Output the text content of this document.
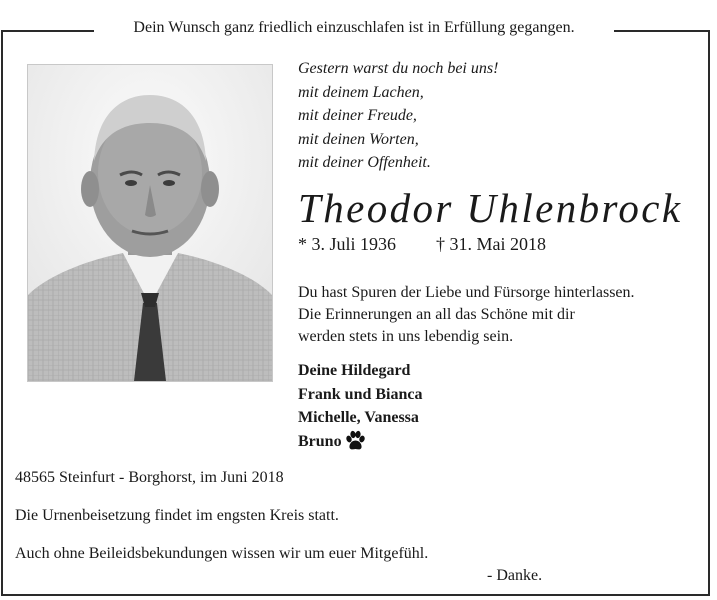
Dein Wunsch ganz friedlich einzuschlafen ist in Erfüllung gegangen.
Gestern warst du noch bei uns!
mit deinem Lachen,
mit deiner Freude,
mit deinen Worten,
mit deiner Offenheit.
Theodor Uhlenbrock
* 3. Juli 1936 † 31. Mai 2018
Du hast Spuren der Liebe und Fürsorge hinterlassen.
Die Erinnerungen an all das Schöne mit dir
werden stets in uns lebendig sein.
Deine Hildegard
Frank und Bianca
Michelle, Vanessa
Bruno
48565 Steinfurt - Borghorst, im Juni 2018
Die Urnenbeisetzung findet im engsten Kreis statt.
Auch ohne Beileidsbekundungen wissen wir um euer Mitgefühl.
- Danke.
